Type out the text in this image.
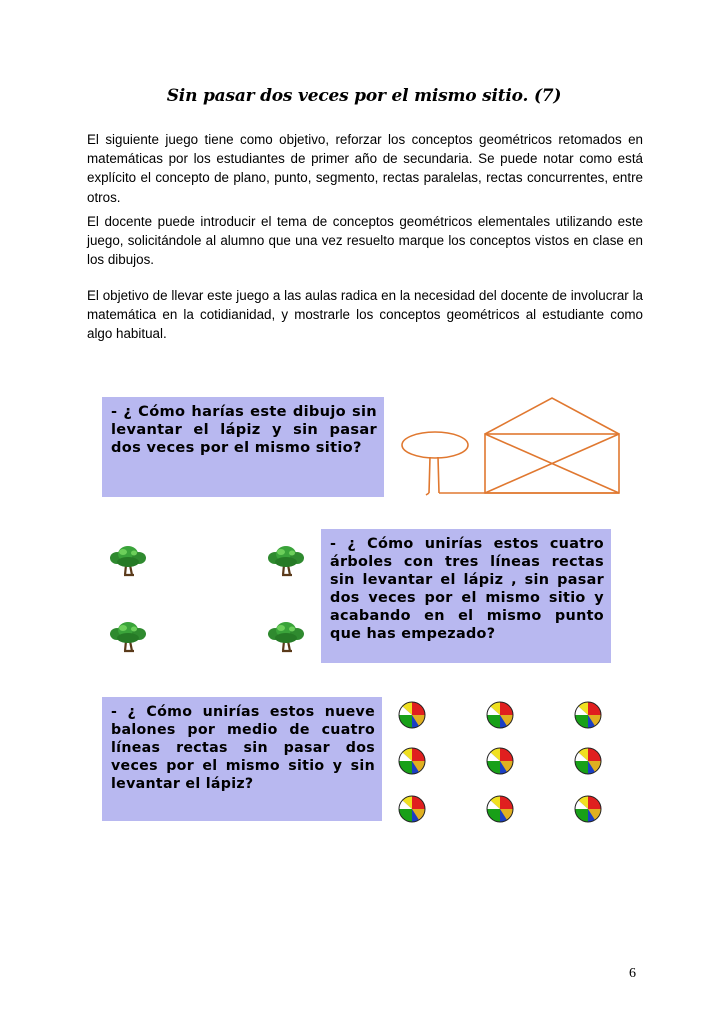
Sin pasar dos veces por el mismo sitio. (7)

El siguiente juego tiene como objetivo, reforzar los conceptos geométricos retomados en matemáticas por los estudiantes de primer año de secundaria. Se puede notar como está explícito el concepto de plano, punto, segmento, rectas paralelas, rectas concurrentes, entre otros.

El docente puede introducir el tema de conceptos geométricos elementales utilizando este juego, solicitándole al alumno que una vez resuelto marque los conceptos vistos en clase en los dibujos.

El objetivo de llevar este juego a las aulas radica en la necesidad del docente de involucrar la matemática en la cotidianidad, y mostrarle los conceptos geométricos al estudiante como algo habitual.

- ¿ Cómo harías este dibujo sin levantar el lápiz y sin pasar dos veces por el mismo sitio?
- ¿ Cómo unirías estos cuatro árboles con tres líneas rectas sin levantar el lápiz , sin pasar dos veces por el mismo sitio y acabando en el mismo punto que has empezado?
- ¿ Cómo unirías estos nueve balones por medio de cuatro líneas rectas sin pasar dos veces por el mismo sitio y sin levantar el lápiz?
6
